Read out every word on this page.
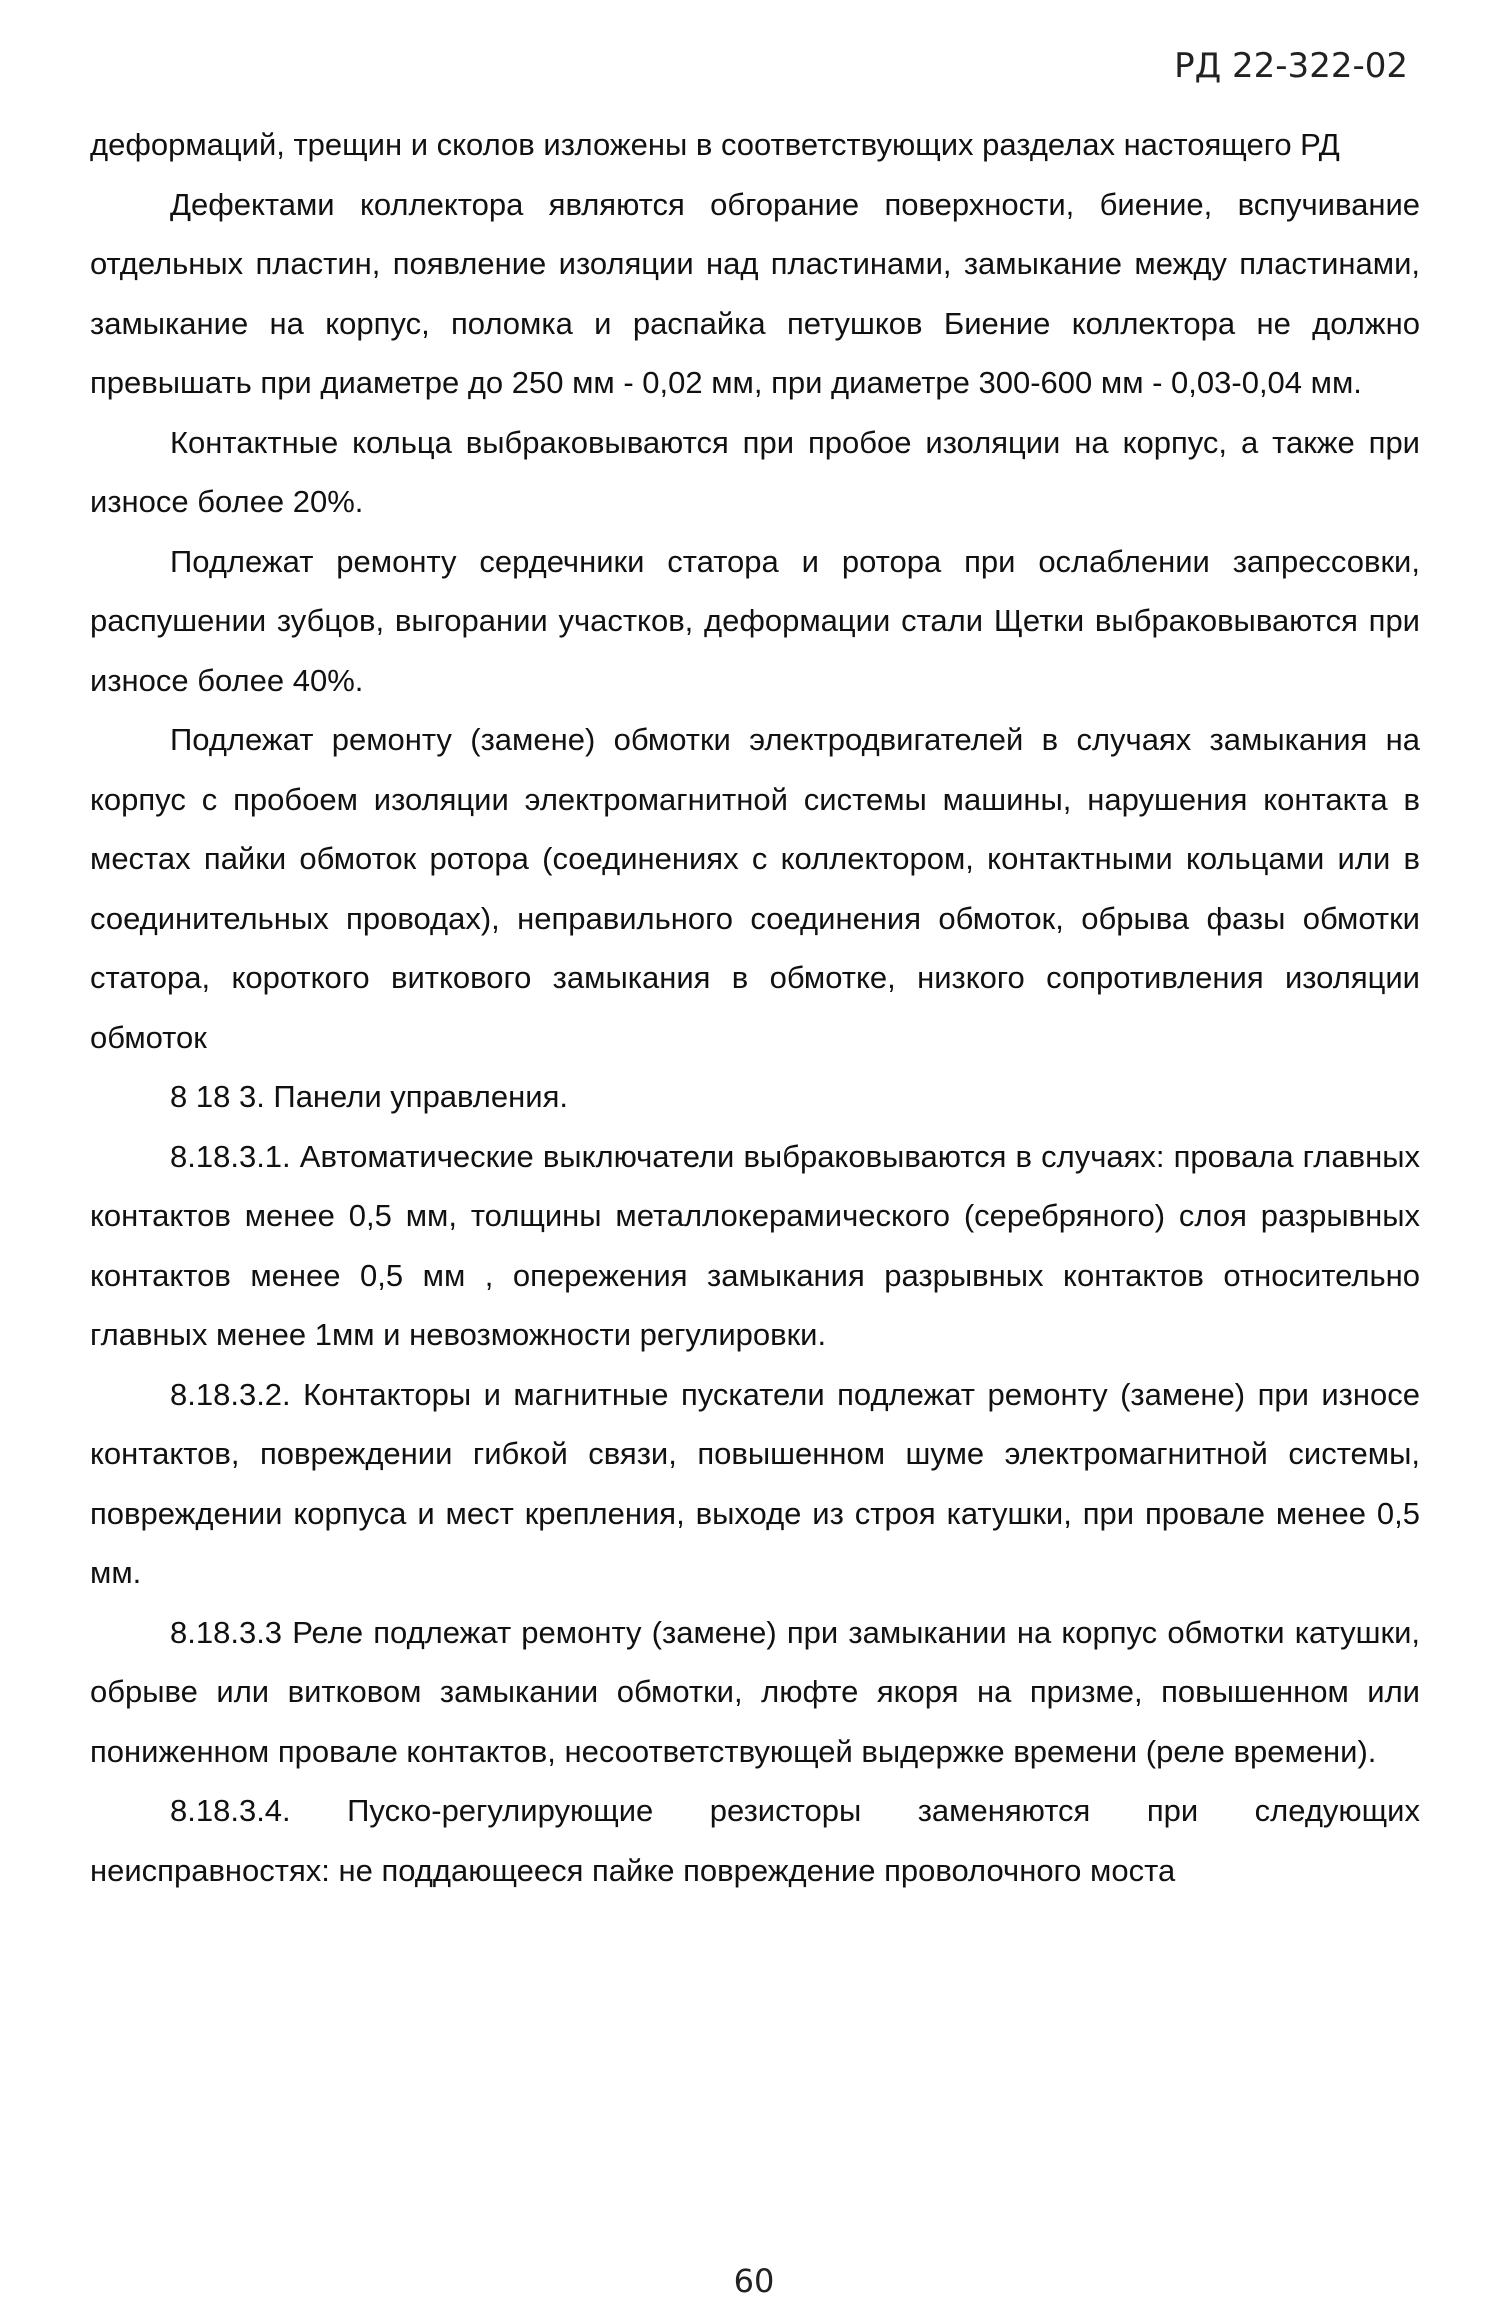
РД 22-322-02

деформаций, трещин и сколов изложены в соответствующих разделах настоящего РД

Дефектами коллектора являются обгорание поверхности, биение, вспучивание отдельных пластин, появление изоляции над пластинами, замыкание между пластинами, замыкание на корпус, поломка и распайка петушков Биение коллектора не должно превышать при диаметре до 250 мм - 0,02 мм, при диаметре 300-600 мм - 0,03-0,04 мм.

Контактные кольца выбраковываются при пробое изоляции на корпус, а также при износе более 20%.

Подлежат ремонту сердечники статора и ротора при ослаблении запрессовки, распушении зубцов, выгорании участков, деформации стали Щетки выбраковываются при износе более 40%.

Подлежат ремонту (замене) обмотки электродвигателей в случаях замыкания на корпус с пробоем изоляции электромагнитной системы машины, нарушения контакта в местах пайки обмоток ротора (соединениях с коллектором, контактными кольцами или в соединительных проводах), неправильного соединения обмоток, обрыва фазы обмотки статора, короткого виткового замыкания в обмотке, низкого сопротивления изоляции обмоток

8 18 3. Панели управления.

8.18.3.1. Автоматические выключатели выбраковываются в случаях: провала главных контактов менее 0,5 мм, толщины металлокерамического (серебряного) слоя разрывных контактов менее 0,5 мм , опережения замыкания разрывных контактов относительно главных менее 1мм и невозможности регулировки.

8.18.3.2. Контакторы и магнитные пускатели подлежат ремонту (замене) при износе контактов, повреждении гибкой связи, повышенном шуме электромагнитной системы, повреждении корпуса и мест крепления, выходе из строя катушки, при провале менее 0,5 мм.

8.18.3.3 Реле подлежат ремонту (замене) при замыкании на корпус обмотки катушки, обрыве или витковом замыкании обмотки, люфте якоря на призме, повышенном или пониженном провале контактов, несоответствующей выдержке времени (реле времени).

8.18.3.4. Пуско-регулирующие резисторы заменяются при следующих неисправностях: не поддающееся пайке повреждение проволочного моста

60
